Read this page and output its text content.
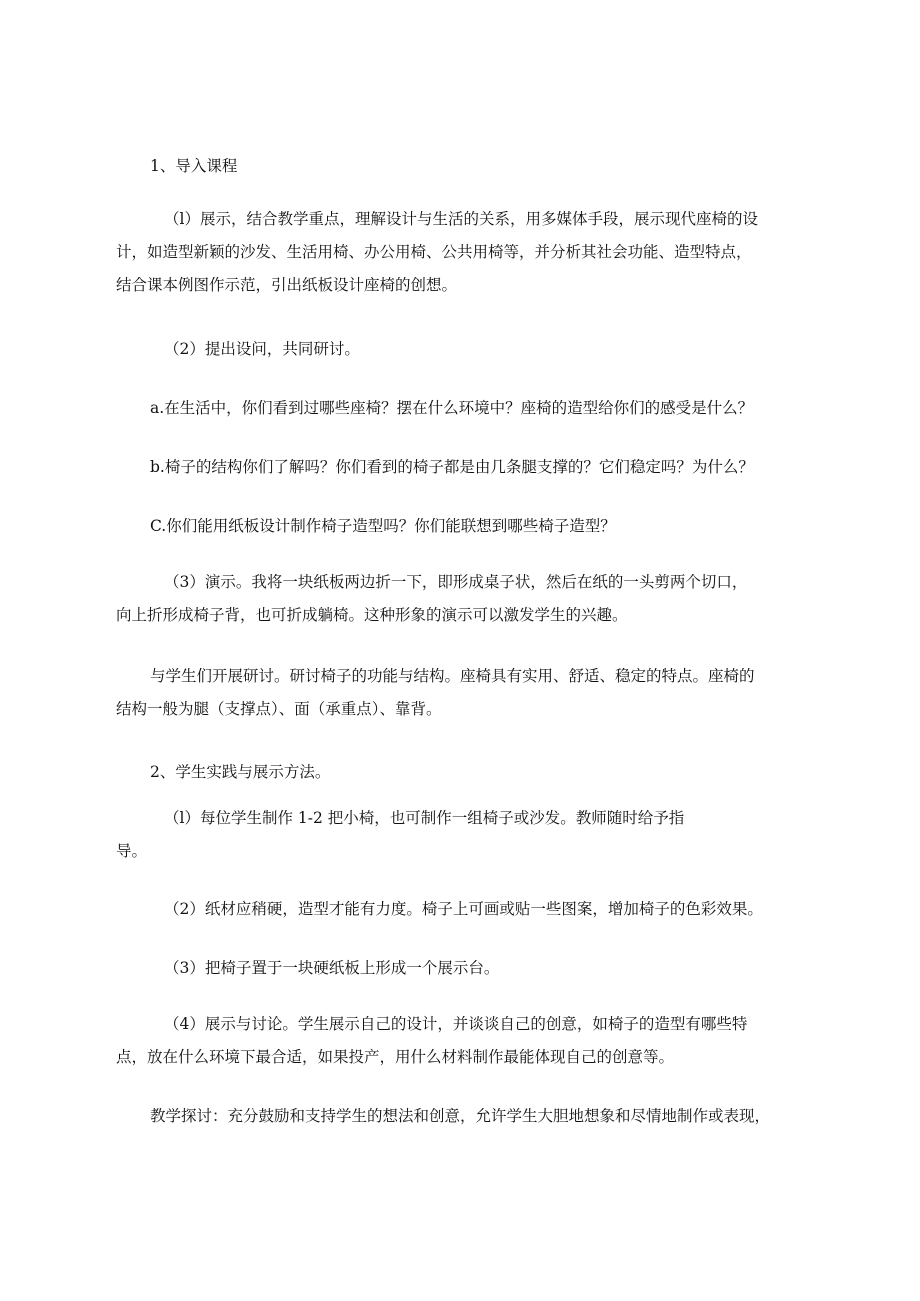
1、导入课程

（l）展示，结合教学重点，理解设计与生活的关系，用多媒体手段，展示现代座椅的设
计，如造型新颖的沙发、生活用椅、办公用椅、公共用椅等，并分析其社会功能、造型特点，
结合课本例图作示范，引出纸板设计座椅的创想。

（2）提出设问，共同研讨。

a.在生活中，你们看到过哪些座椅？摆在什么环境中？座椅的造型给你们的感受是什么？

b.椅子的结构你们了解吗？你们看到的椅子都是由几条腿支撑的？它们稳定吗？为什么？

C.你们能用纸板设计制作椅子造型吗？你们能联想到哪些椅子造型？

（3）演示。我将一块纸板两边折一下，即形成桌子状，然后在纸的一头剪两个切口，
向上折形成椅子背，也可折成躺椅。这种形象的演示可以激发学生的兴趣。

与学生们开展研讨。研讨椅子的功能与结构。座椅具有实用、舒适、稳定的特点。座椅的
结构一般为腿（支撑点）、面（承重点）、靠背。

2、学生实践与展示方法。

（l）每位学生制作 1-2 把小椅，也可制作一组椅子或沙发。教师随时给予指
导。

（2）纸材应稍硬，造型才能有力度。椅子上可画或贴一些图案，增加椅子的色彩效果。

（3）把椅子置于一块硬纸板上形成一个展示台。

（4）展示与讨论。学生展示自己的设计，并谈谈自己的创意，如椅子的造型有哪些特
点，放在什么环境下最合适，如果投产，用什么材料制作最能体现自己的创意等。

教学探讨：充分鼓励和支持学生的想法和创意，允许学生大胆地想象和尽情地制作或表现，
